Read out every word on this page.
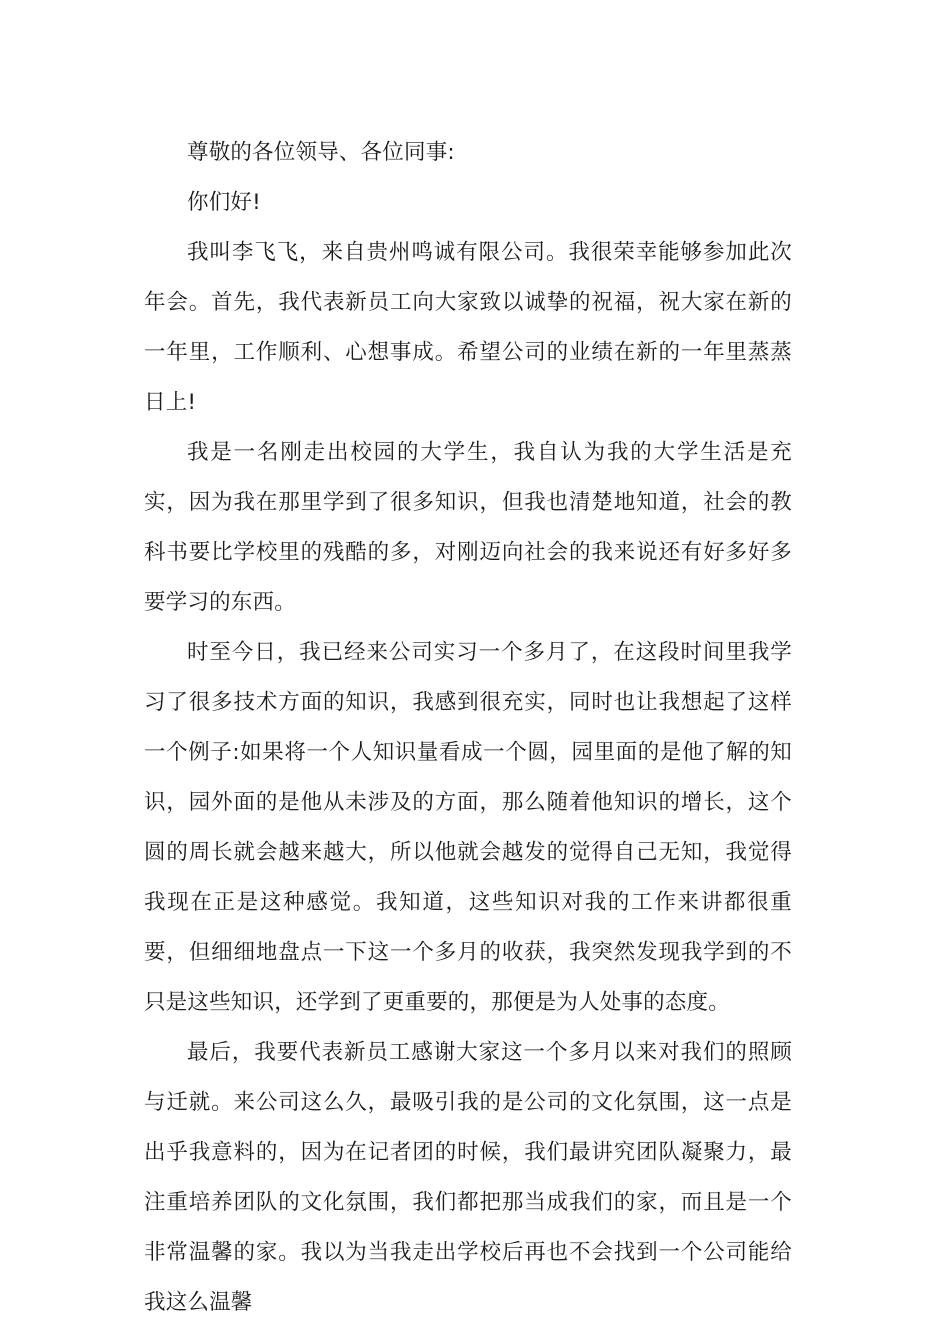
尊敬的各位领导、各位同事:

你们好!

我叫李飞飞，来自贵州鸣诚有限公司。我很荣幸能够参加此次年会。首先，我代表新员工向大家致以诚挚的祝福，祝大家在新的一年里，工作顺利、心想事成。希望公司的业绩在新的一年里蒸蒸日上!

我是一名刚走出校园的大学生，我自认为我的大学生活是充实，因为我在那里学到了很多知识，但我也清楚地知道，社会的教科书要比学校里的残酷的多，对刚迈向社会的我来说还有好多好多要学习的东西。

时至今日，我已经来公司实习一个多月了，在这段时间里我学习了很多技术方面的知识，我感到很充实，同时也让我想起了这样一个例子:如果将一个人知识量看成一个圆，园里面的是他了解的知识，园外面的是他从未涉及的方面，那么随着他知识的增长，这个圆的周长就会越来越大，所以他就会越发的觉得自己无知，我觉得我现在正是这种感觉。我知道，这些知识对我的工作来讲都很重要，但细细地盘点一下这一个多月的收获，我突然发现我学到的不只是这些知识，还学到了更重要的，那便是为人处事的态度。

最后，我要代表新员工感谢大家这一个多月以来对我们的照顾与迁就。来公司这么久，最吸引我的是公司的文化氛围，这一点是出乎我意料的，因为在记者团的时候，我们最讲究团队凝聚力，最注重培养团队的文化氛围，我们都把那当成我们的家，而且是一个非常温馨的家。我以为当我走出学校后再也不会找到一个公司能给我这么温馨
